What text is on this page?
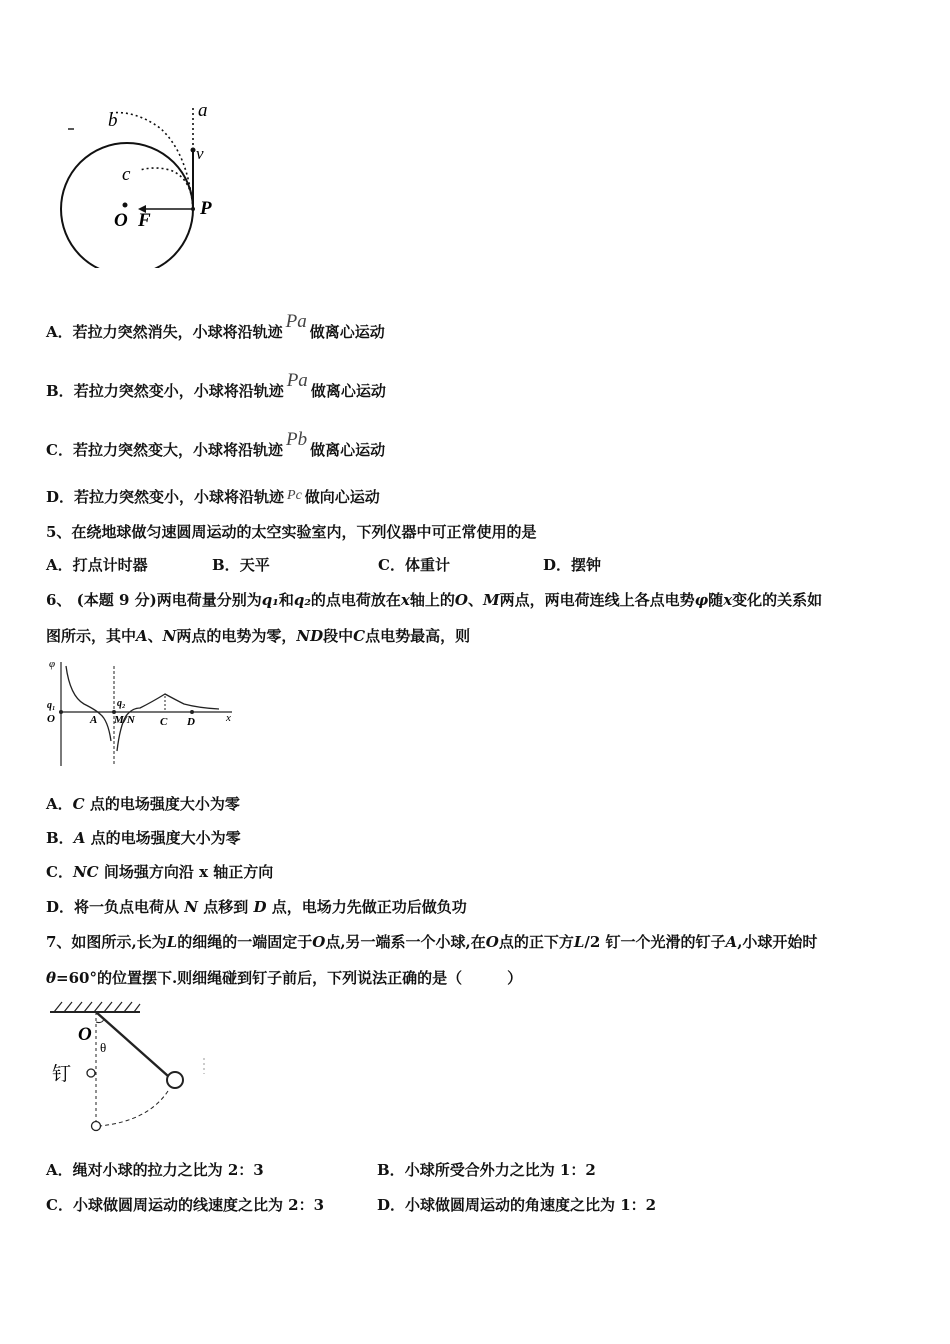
b	a
v
c
O F
P
A．若拉力突然消失，小球将沿轨迹 Pa 做离心运动
B．若拉力突然变小，小球将沿轨迹 Pa 做离心运动
C．若拉力突然变大，小球将沿轨迹 Pb 做离心运动
D．若拉力突然变小，小球将沿轨迹 Pc 做向心运动
5、在绕地球做匀速圆周运动的太空实验室内，下列仪器中可正常使用的是
A．打点计时器	B．天平	C．体重计	D．摆钟
6、 (本题 9 分)两电荷量分别为q₁和q₂的点电荷放在x轴上的O、M两点，两电荷连线上各点电势φ随x变化的关系如
图所示，其中A、N两点的电势为零，ND段中C点电势最高，则
φ
q₁
O	A
q₂
M/N C D	x
A．C 点的电场强度大小为零
B．A 点的电场强度大小为零
C．NC 间场强方向沿 x 轴正方向
D．将一负点电荷从 N 点移到 D 点，电场力先做正功后做负功
7、如图所示,长为L的细绳的一端固定于O点,另一端系一个小球,在O点的正下方L/2 钉一个光滑的钉子A,小球开始时
θ=60°的位置摆下.则细绳碰到钉子前后，下列说法正确的是（　　　）
O
θ
钉
A．绳对小球的拉力之比为 2：3	B．小球所受合外力之比为 1：2
C．小球做圆周运动的线速度之比为 2：3	D．小球做圆周运动的角速度之比为 1：2
